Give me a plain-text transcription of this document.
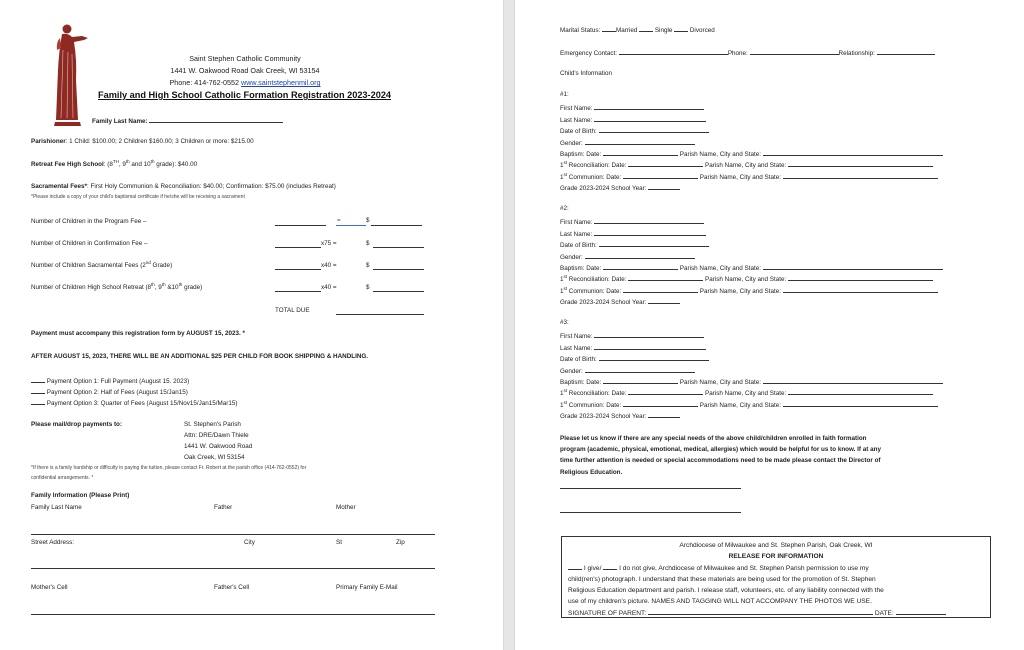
Saint Stephen Catholic Community
1441 W. Oakwood Road Oak Creek, WI 53154
Phone: 414-762-0552 www.saintstephenmil.org
Family and High School Catholic Formation Registration 2023-2024
Family Last Name:
Parishioner: 1 Child: $100.00; 2 Children $160.00; 3 Children or more: $215.00
Retreat Fee High School: (8TH, 9th and 10th grade): $40.00
Sacramental Fees*: First Holy Communion & Reconciliation: $40.00; Confirmation: $75.00 (includes Retreat)
*Please include a copy of your child's baptismal certificate if he/she will be receiving a sacrament
Number of Children in the Program Fee –	=	$
Number of Children in Confirmation Fee –	x75 =	$
Number of Children Sacramental Fees (2nd Grade)	x40 =	$
Number of Children High School Retreat (8th, 9th &10th grade)	x40 =	$
TOTAL DUE
Payment must accompany this registration form by AUGUST 15, 2023. *
AFTER AUGUST 15, 2023, THERE WILL BE AN ADDITIONAL $25 PER CHILD FOR BOOK SHIPPING & HANDLING.
Payment Option 1: Full Payment (August 15. 2023)
Payment Option 2: Half of Fees (August 15/Jan15)
Payment Option 3: Quarter of Fees (August 15/Nov15/Jan15/Mar15)
Please mail/drop payments to:	St. Stephen's Parish
Attn: DRE/Dawn Thiele
1441 W. Oakwood Road
Oak Creek, WI 53154
*If there is a family hardship or difficulty in paying the tuition, please contact Fr. Robert at the parish office (414-762-0552) for
confidential arrangements. *
Family Information (Please Print)
Family Last Name	Father	Mother
Street Address:	City	St	Zip
Mother's Cell	Father's Cell	Primary Family E-Mail
Marital Status:	Married	Single	Divorced
Emergency Contact:	Phone:	Relationship:
Child's Information
#1:
First Name:
Last Name:
Date of Birth:
Gender:
Baptism: Date:	Parish Name, City and State:
1st Reconciliation: Date:	Parish Name, City and State:
1st Communion: Date:	Parish Name, City and State:
Grade 2023-2024 School Year:
#2:
First Name:
Last Name:
Date of Birth:
Gender:
Baptism: Date:	Parish Name, City and State:
1st Reconciliation: Date:	Parish Name, City and State:
1st Communion: Date:	Parish Name, City and State:
Grade 2023-2024 School Year:
#3:
First Name:
Last Name:
Date of Birth:
Gender:
Baptism: Date:	Parish Name, City and State:
1st Reconciliation: Date:	Parish Name, City and State:
1st Communion: Date:	Parish Name, City and State:
Grade 2023-2024 School Year:
Please let us know if there are any special needs of the above child/children enrolled in faith formation
program (academic, physical, emotional, medical, allergies) which would be helpful for us to know. If at any
time further attention is needed or special accommodations need to be made please contact the Director of
Religious Education.
Archdiocese of Milwaukee and St. Stephen Parish, Oak Creek, WI
RELEASE FOR INFORMATION
I give/	I do not give, Archdiocese of Milwaukee and St. Stephen Parish permission to use my
child(ren's) photograph. I understand that these materials are being used for the promotion of St. Stephen
Religious Education department and parish. I release staff, volunteers, etc. of any liability connected with the
use of my children's picture. NAMES AND TAGGING WILL NOT ACCOMPANY THE PHOTOS WE USE.
SIGNATURE OF PARENT:	DATE:
